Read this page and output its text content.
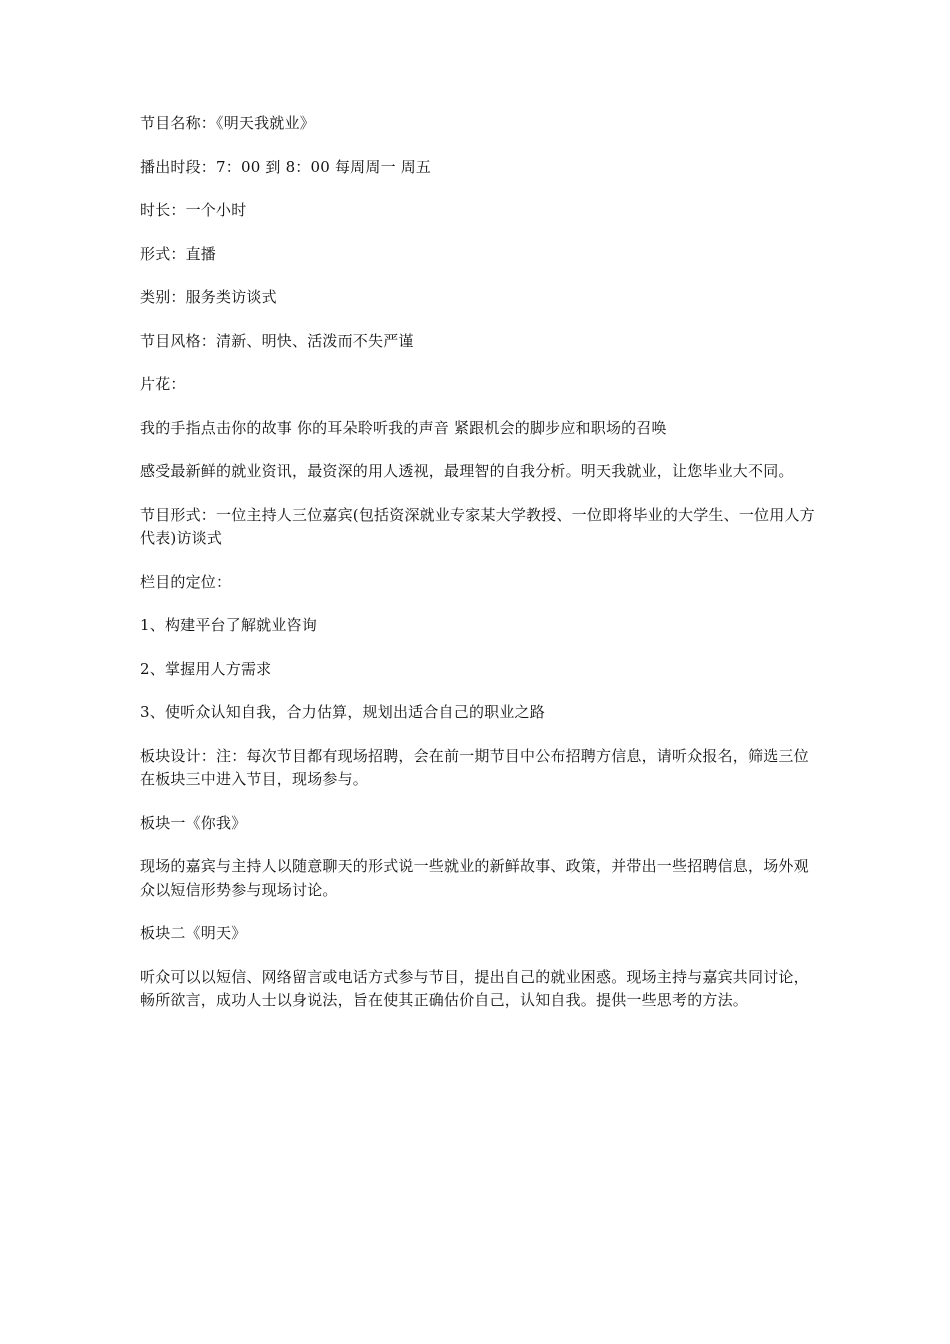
节目名称：《明天我就业》

播出时段：7：00 到 8：00 每周周一 周五

时长：一个小时

形式：直播

类别：服务类访谈式

节目风格：清新、明快、活泼而不失严谨

片花：

我的手指点击你的故事 你的耳朵聆听我的声音 紧跟机会的脚步应和职场的召唤

感受最新鲜的就业资讯，最资深的用人透视，最理智的自我分析。明天我就业，让您毕业大不同。

节目形式：一位主持人三位嘉宾(包括资深就业专家某大学教授、一位即将毕业的大学生、一位用人方代表)访谈式

栏目的定位：

1、构建平台了解就业咨询

2、掌握用人方需求

3、使听众认知自我，合力估算，规划出适合自己的职业之路

板块设计：注：每次节目都有现场招聘，会在前一期节目中公布招聘方信息，请听众报名，筛选三位在板块三中进入节目，现场参与。

板块一《你我》

现场的嘉宾与主持人以随意聊天的形式说一些就业的新鲜故事、政策，并带出一些招聘信息，场外观众以短信形势参与现场讨论。

板块二《明天》

听众可以以短信、网络留言或电话方式参与节目，提出自己的就业困惑。现场主持与嘉宾共同讨论，畅所欲言，成功人士以身说法，旨在使其正确估价自己，认知自我。提供一些思考的方法。
